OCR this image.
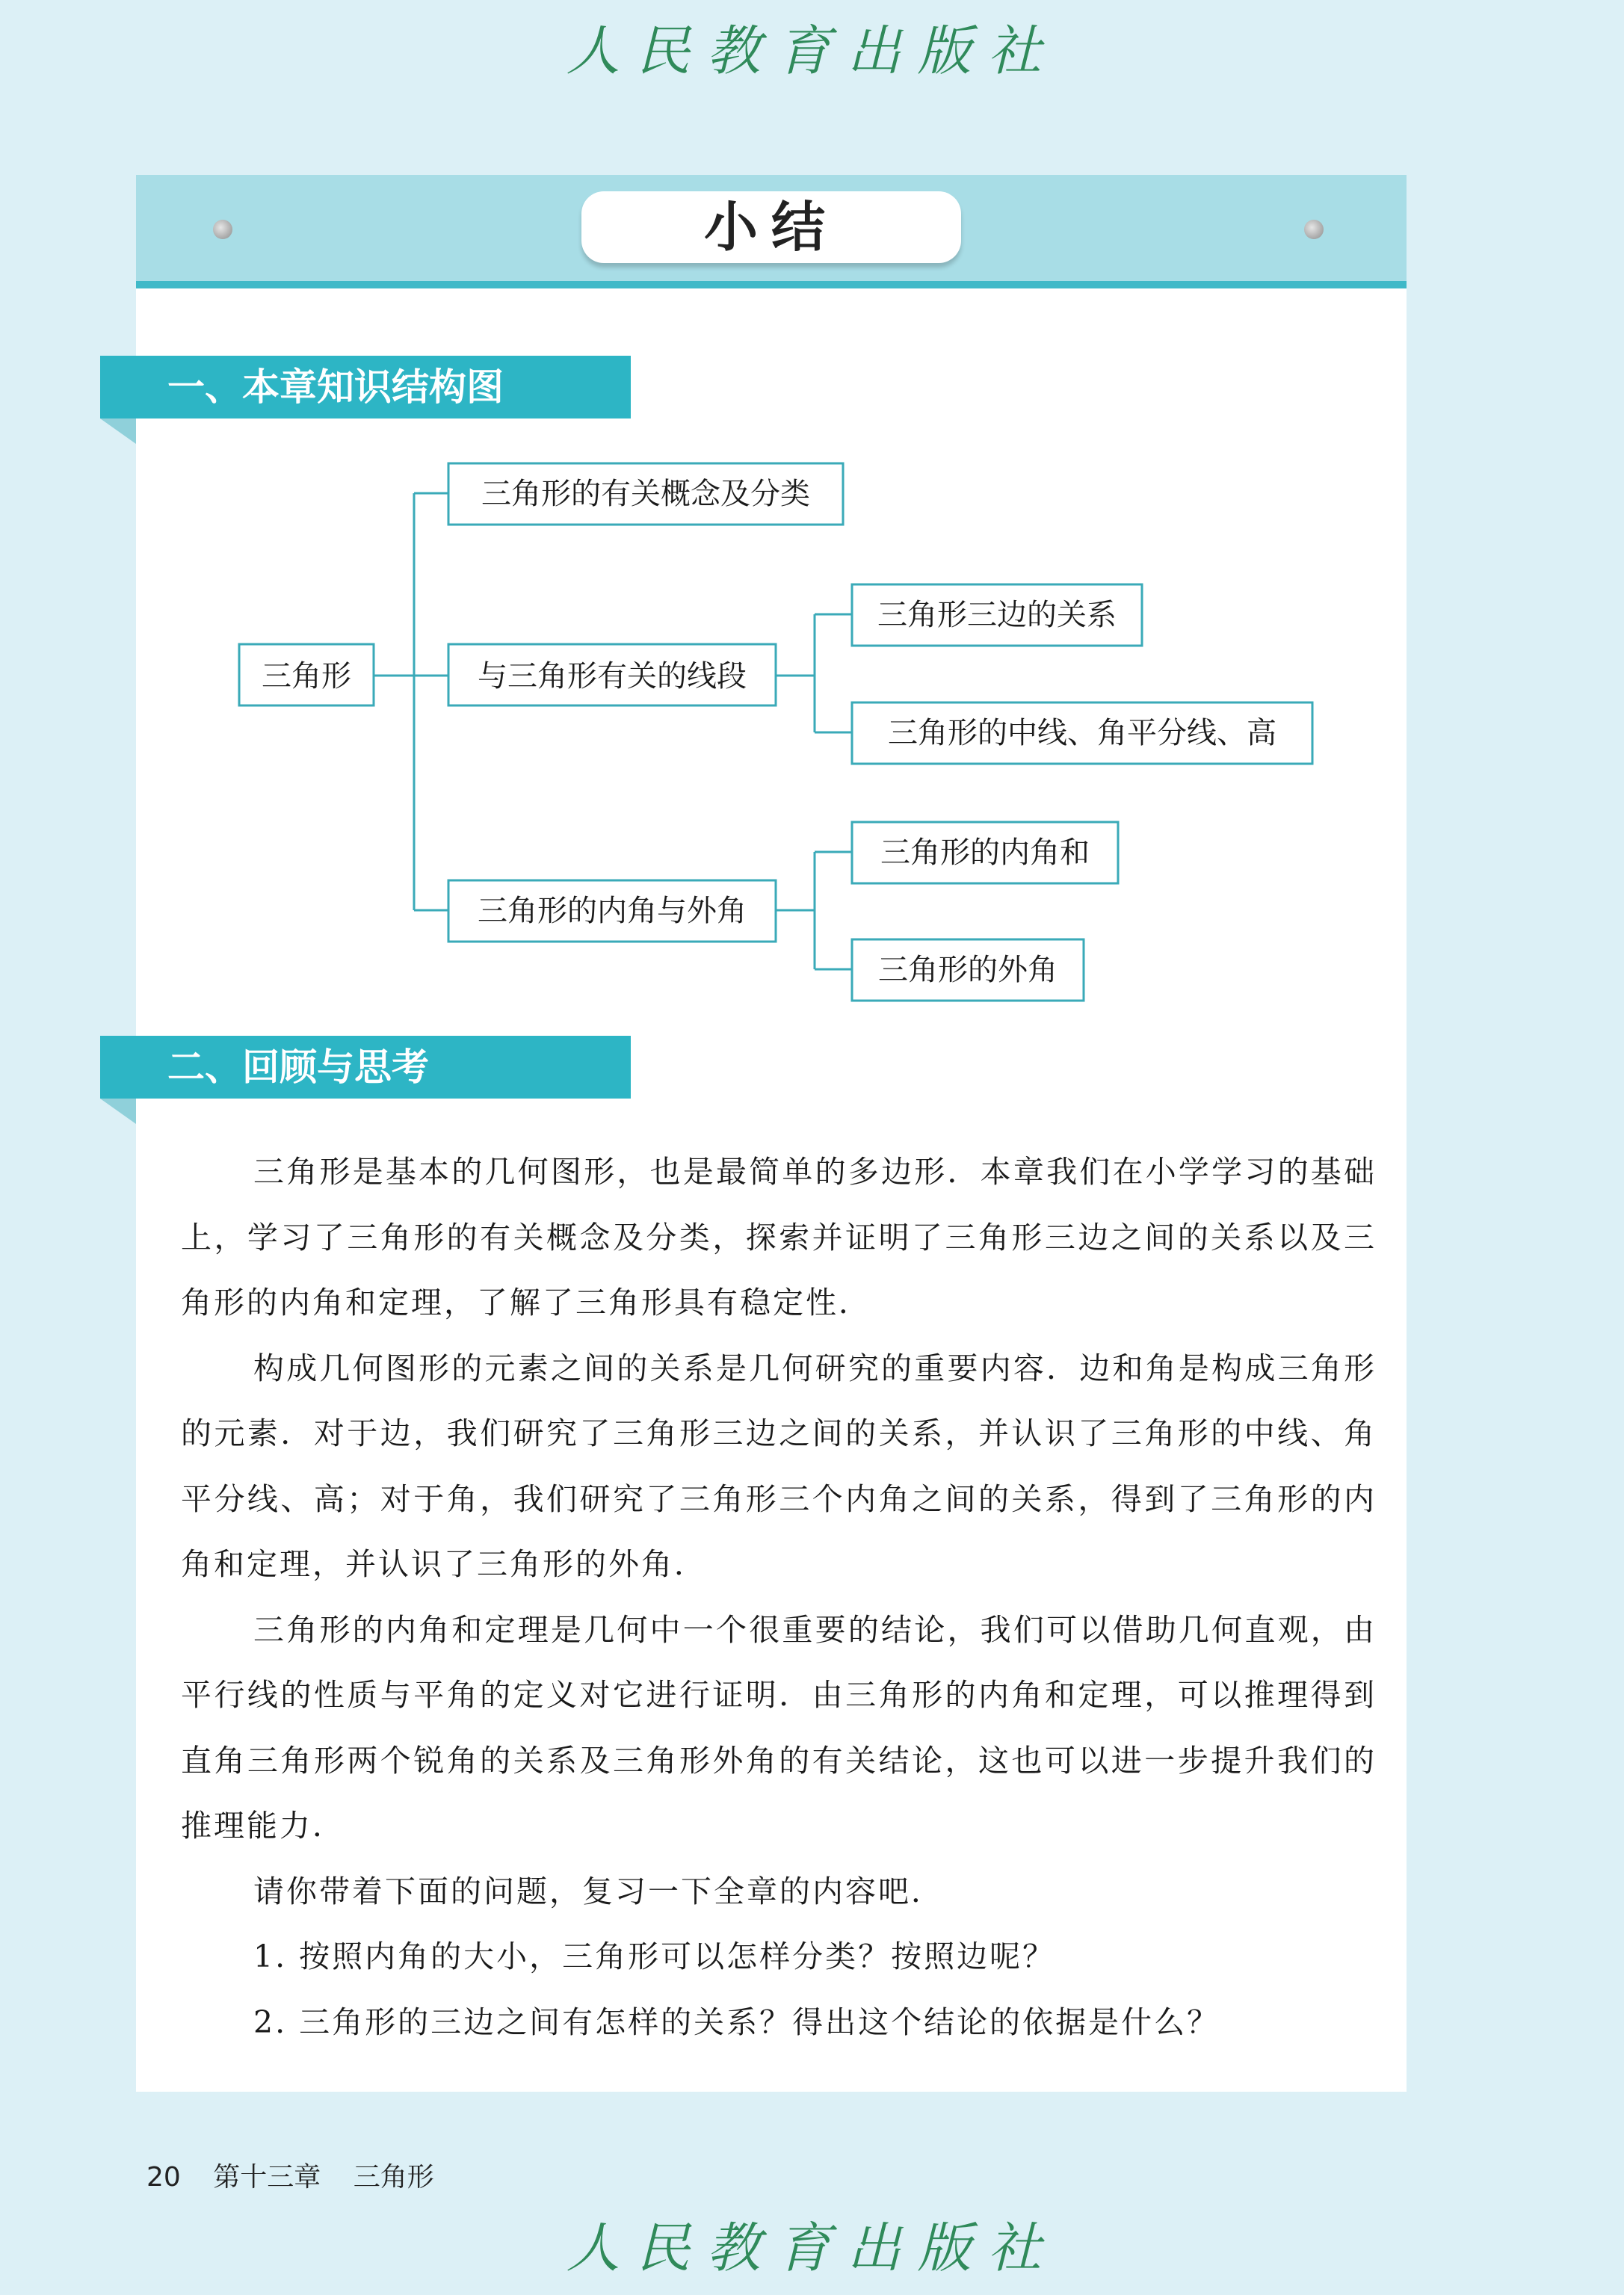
人民教育出版社
小结
一、本章知识结构图
三角形
三角形的有关概念及分类
与三角形有关的线段
三角形三边的关系
三角形的中线、角平分线、高
三角形的内角与外角
三角形的内角和
三角形的外角
二、回顾与思考

三角形是基本的几何图形，也是最简单的多边形．本章我们在小学学习的基础上，学习了三角形的有关概念及分类，探索并证明了三角形三边之间的关系以及三角形的内角和定理，了解了三角形具有稳定性．

构成几何图形的元素之间的关系是几何研究的重要内容．边和角是构成三角形的元素．对于边，我们研究了三角形三边之间的关系，并认识了三角形的中线、角平分线、高；对于角，我们研究了三角形三个内角之间的关系，得到了三角形的内角和定理，并认识了三角形的外角．

三角形的内角和定理是几何中一个很重要的结论，我们可以借助几何直观，由平行线的性质与平角的定义对它进行证明．由三角形的内角和定理，可以推理得到直角三角形两个锐角的关系及三角形外角的有关结论，这也可以进一步提升我们的推理能力．

请你带着下面的问题，复习一下全章的内容吧．

1. 按照内角的大小，三角形可以怎样分类？按照边呢？

2. 三角形的三边之间有怎样的关系？得出这个结论的依据是什么？

20 第十三章 三角形
人民教育出版社
